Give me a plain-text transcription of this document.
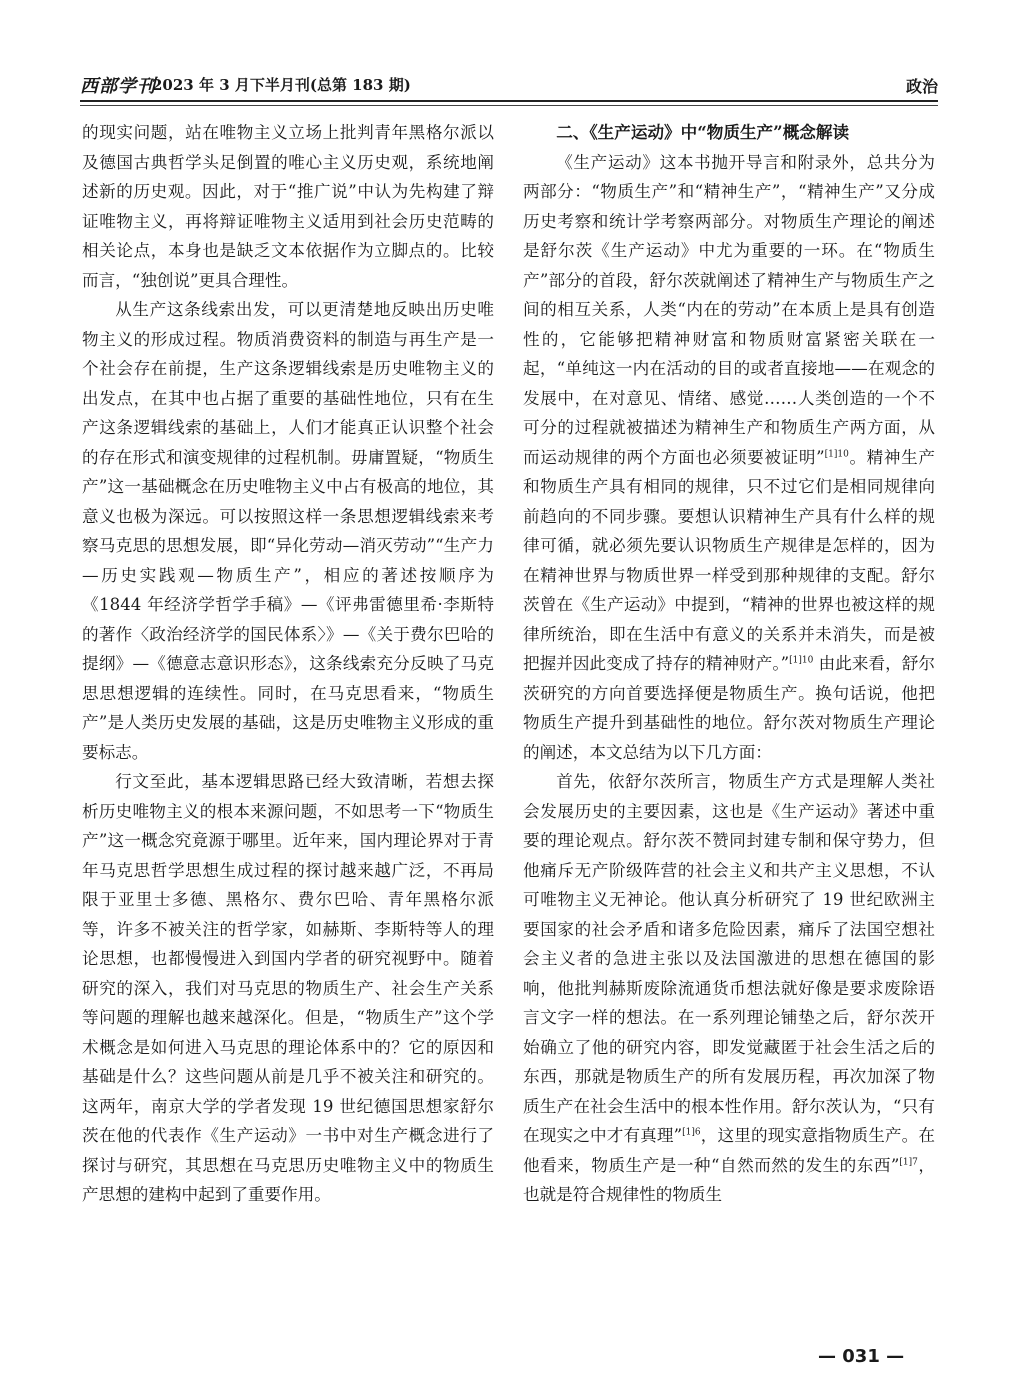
西部学刊
2023 年 3 月下半月刊(总第 183 期)	政治

的现实问题，站在唯物主义立场上批判青年黑格尔派以及德国古典哲学头足倒置的唯心主义历史观，系统地阐述新的历史观。因此，对于“推广说”中认为先构建了辩证唯物主义，再将辩证唯物主义适用到社会历史范畴的相关论点，本身也是缺乏文本依据作为立脚点的。比较而言，“独创说”更具合理性。

从生产这条线索出发，可以更清楚地反映出历史唯物主义的形成过程。物质消费资料的制造与再生产是一个社会存在前提，生产这条逻辑线索是历史唯物主义的出发点，在其中也占据了重要的基础性地位，只有在生产这条逻辑线索的基础上，人们才能真正认识整个社会的存在形式和演变规律的过程机制。毋庸置疑，“物质生产”这一基础概念在历史唯物主义中占有极高的地位，其意义也极为深远。可以按照这样一条思想逻辑线索来考察马克思的思想发展，即“异化劳动—消灭劳动”“生产力—历史实践观—物质生产”，相应的著述按顺序为《1844 年经济学哲学手稿》—《评弗雷德里希·李斯特的著作〈政治经济学的国民体系〉》—《关于费尔巴哈的提纲》—《德意志意识形态》，这条线索充分反映了马克思思想逻辑的连续性。同时，在马克思看来，“物质生产”是人类历史发展的基础，这是历史唯物主义形成的重要标志。

行文至此，基本逻辑思路已经大致清晰，若想去探析历史唯物主义的根本来源问题，不如思考一下“物质生产”这一概念究竟源于哪里。近年来，国内理论界对于青年马克思哲学思想生成过程的探讨越来越广泛，不再局限于亚里士多德、黑格尔、费尔巴哈、青年黑格尔派等，许多不被关注的哲学家，如赫斯、李斯特等人的理论思想，也都慢慢进入到国内学者的研究视野中。随着研究的深入，我们对马克思的物质生产、社会生产关系等问题的理解也越来越深化。但是，“物质生产”这个学术概念是如何进入马克思的理论体系中的？它的原因和基础是什么？这些问题从前是几乎不被关注和研究的。这两年，南京大学的学者发现 19 世纪德国思想家舒尔茨在他的代表作《生产运动》一书中对生产概念进行了探讨与研究，其思想在马克思历史唯物主义中的物质生产思想的建构中起到了重要作用。

二、《生产运动》中“物质生产”概念解读

《生产运动》这本书抛开导言和附录外，总共分为两部分：“物质生产”和“精神生产”，“精神生产”又分成历史考察和统计学考察两部分。对物质生产理论的阐述是舒尔茨《生产运动》中尤为重要的一环。在“物质生产”部分的首段，舒尔茨就阐述了精神生产与物质生产之间的相互关系，人类“内在的劳动”在本质上是具有创造性的，它能够把精神财富和物质财富紧密关联在一起，“单纯这一内在活动的目的或者直接地——在观念的发展中，在对意见、情绪、感觉……人类创造的一个不可分的过程就被描述为精神生产和物质生产两方面，从而运动规律的两个方面也必须要被证明”$^{[1]10}$。精神生产和物质生产具有相同的规律，只不过它们是相同规律向前趋向的不同步骤。要想认识精神生产具有什么样的规律可循，就必须先要认识物质生产规律是怎样的，因为在精神世界与物质世界一样受到那种规律的支配。舒尔茨曾在《生产运动》中提到，“精神的世界也被这样的规律所统治，即在生活中有意义的关系并未消失，而是被把握并因此变成了持存的精神财产。”$^{[1]10}$ 由此来看，舒尔茨研究的方向首要选择便是物质生产。换句话说，他把物质生产提升到基础性的地位。舒尔茨对物质生产理论的阐述，本文总结为以下几方面：

首先，依舒尔茨所言，物质生产方式是理解人类社会发展历史的主要因素，这也是《生产运动》著述中重要的理论观点。舒尔茨不赞同封建专制和保守势力，但他痛斥无产阶级阵营的社会主义和共产主义思想，不认可唯物主义无神论。他认真分析研究了 19 世纪欧洲主要国家的社会矛盾和诸多危险因素，痛斥了法国空想社会主义者的急进主张以及法国激进的思想在德国的影响，他批判赫斯废除流通货币想法就好像是要求废除语言文字一样的想法。在一系列理论铺垫之后，舒尔茨开始确立了他的研究内容，即发觉藏匿于社会生活之后的东西，那就是物质生产的所有发展历程，再次加深了物质生产在社会生活中的根本性作用。舒尔茨认为，“只有在现实之中才有真理”$^{[1]6}$，这里的现实意指物质生产。在他看来，物质生产是一种“自然而然的发生的东西”$^{[1]7}$，也就是符合规律性的物质生

— 031 —
